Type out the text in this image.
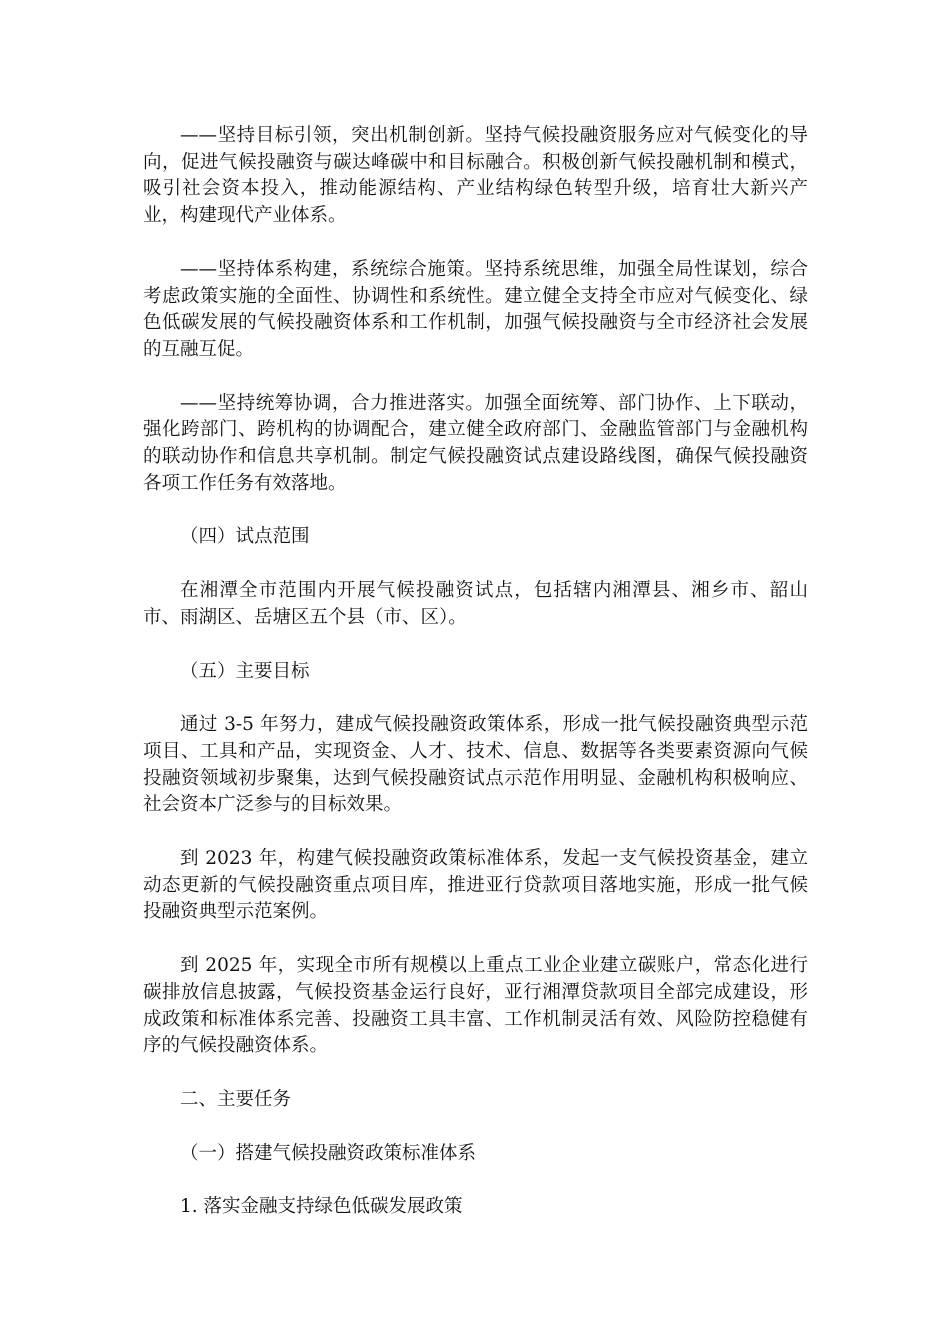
——坚持目标引领，突出机制创新。坚持气候投融资服务应对气候变化的导向，促进气候投融资与碳达峰碳中和目标融合。积极创新气候投融机制和模式，吸引社会资本投入，推动能源结构、产业结构绿色转型升级，培育壮大新兴产业，构建现代产业体系。

——坚持体系构建，系统综合施策。坚持系统思维，加强全局性谋划，综合考虑政策实施的全面性、协调性和系统性。建立健全支持全市应对气候变化、绿色低碳发展的气候投融资体系和工作机制，加强气候投融资与全市经济社会发展的互融互促。

——坚持统筹协调，合力推进落实。加强全面统筹、部门协作、上下联动，强化跨部门、跨机构的协调配合，建立健全政府部门、金融监管部门与金融机构的联动协作和信息共享机制。制定气候投融资试点建设路线图，确保气候投融资各项工作任务有效落地。

（四）试点范围

在湘潭全市范围内开展气候投融资试点，包括辖内湘潭县、湘乡市、韶山市、雨湖区、岳塘区五个县（市、区）。

（五）主要目标

通过 3-5 年努力，建成气候投融资政策体系，形成一批气候投融资典型示范项目、工具和产品，实现资金、人才、技术、信息、数据等各类要素资源向气候投融资领域初步聚集，达到气候投融资试点示范作用明显、金融机构积极响应、社会资本广泛参与的目标效果。

到 2023 年，构建气候投融资政策标准体系，发起一支气候投资基金，建立动态更新的气候投融资重点项目库，推进亚行贷款项目落地实施，形成一批气候投融资典型示范案例。

到 2025 年，实现全市所有规模以上重点工业企业建立碳账户，常态化进行碳排放信息披露，气候投资基金运行良好，亚行湘潭贷款项目全部完成建设，形成政策和标准体系完善、投融资工具丰富、工作机制灵活有效、风险防控稳健有序的气候投融资体系。

二、主要任务

（一）搭建气候投融资政策标准体系

1. 落实金融支持绿色低碳发展政策
